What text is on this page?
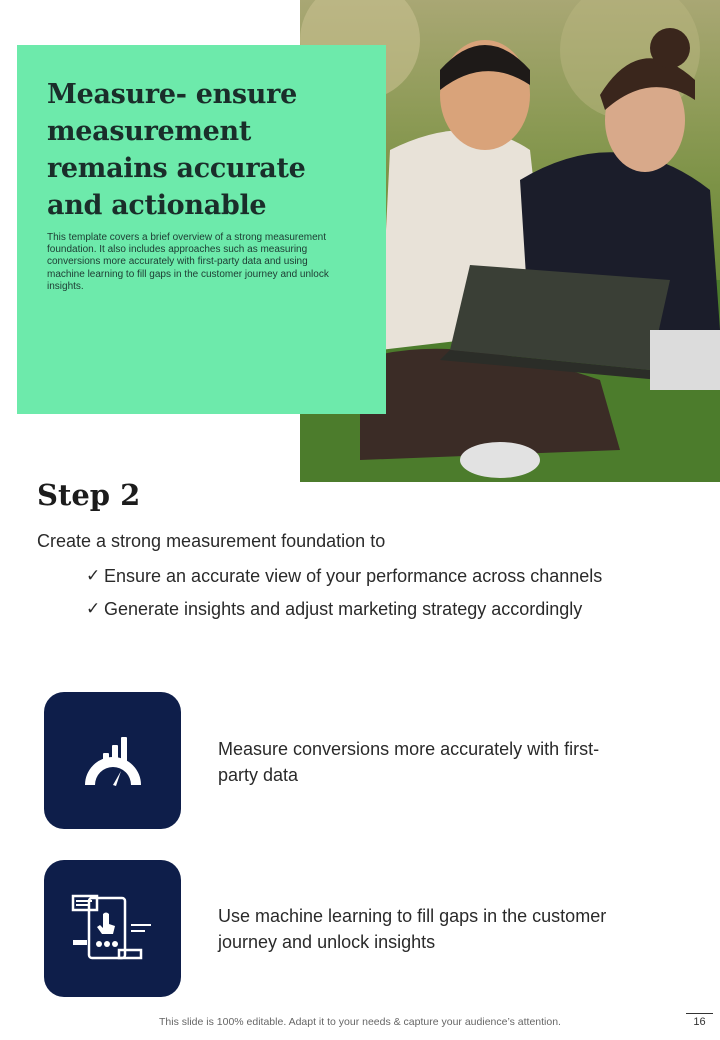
Measure- ensure measurement remains accurate and actionable

This template covers a brief overview of a strong measurement foundation. It also includes approaches such as measuring conversions more accurately with first-party data and using machine learning to fill gaps in the customer journey and unlock insights.

Step 2

Create a strong measurement foundation to

✓ Ensure an accurate view of your performance across channels
✓ Generate insights and adjust marketing strategy accordingly

Measure conversions more accurately with first-party data

Use machine learning to fill gaps in the customer journey and unlock insights

This slide is 100% editable. Adapt it to your needs & capture your audience’s attention.	16
